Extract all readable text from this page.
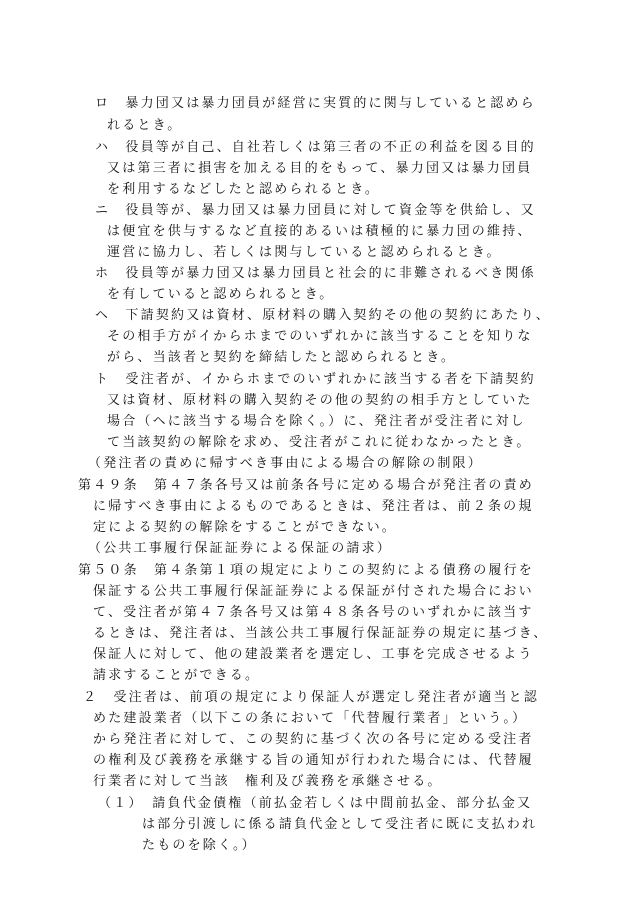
ロ　暴力団又は暴力団員が経営に実質的に関与していると認めら
れるとき。
ハ　役員等が自己、自社若しくは第三者の不正の利益を図る目的
又は第三者に損害を加える目的をもって、暴力団又は暴力団員
を利用するなどしたと認められるとき。
ニ　役員等が、暴力団又は暴力団員に対して資金等を供給し、又
は便宜を供与するなど直接的あるいは積極的に暴力団の維持、
運営に協力し、若しくは関与していると認められるとき。
ホ　役員等が暴力団又は暴力団員と社会的に非難されるべき関係
を有していると認められるとき。
ヘ　下請契約又は資材、原材料の購入契約その他の契約にあたり、
その相手方がイからホまでのいずれかに該当することを知りな
がら、当該者と契約を締結したと認められるとき。
ト　受注者が、イからホまでのいずれかに該当する者を下請契約
又は資材、原材料の購入契約その他の契約の相手方としていた
場合（ヘに該当する場合を除く。）に、発注者が受注者に対し
て当該契約の解除を求め、受注者がこれに従わなかったとき。
（発注者の責めに帰すべき事由による場合の解除の制限）
第４９条　第４７条各号又は前条各号に定める場合が発注者の責め
に帰すべき事由によるものであるときは、発注者は、前２条の規
定による契約の解除をすることができない。
（公共工事履行保証証券による保証の請求）
第５０条　第４条第１項の規定によりこの契約による債務の履行を
保証する公共工事履行保証証券による保証が付された場合におい
て、受注者が第４７条各号又は第４８条各号のいずれかに該当す
るときは、発注者は、当該公共工事履行保証証券の規定に基づき、
保証人に対して、他の建設業者を選定し、工事を完成させるよう
請求することができる。
２　受注者は、前項の規定により保証人が選定し発注者が適当と認
めた建設業者（以下この条において「代替履行業者」という。）
から発注者に対して、この契約に基づく次の各号に定める受注者
の権利及び義務を承継する旨の通知が行われた場合には、代替履
行業者に対して当該　権利及び義務を承継させる。
（１）　請負代金債権（前払金若しくは中間前払金、部分払金又
は部分引渡しに係る請負代金として受注者に既に支払われ
たものを除く。）
